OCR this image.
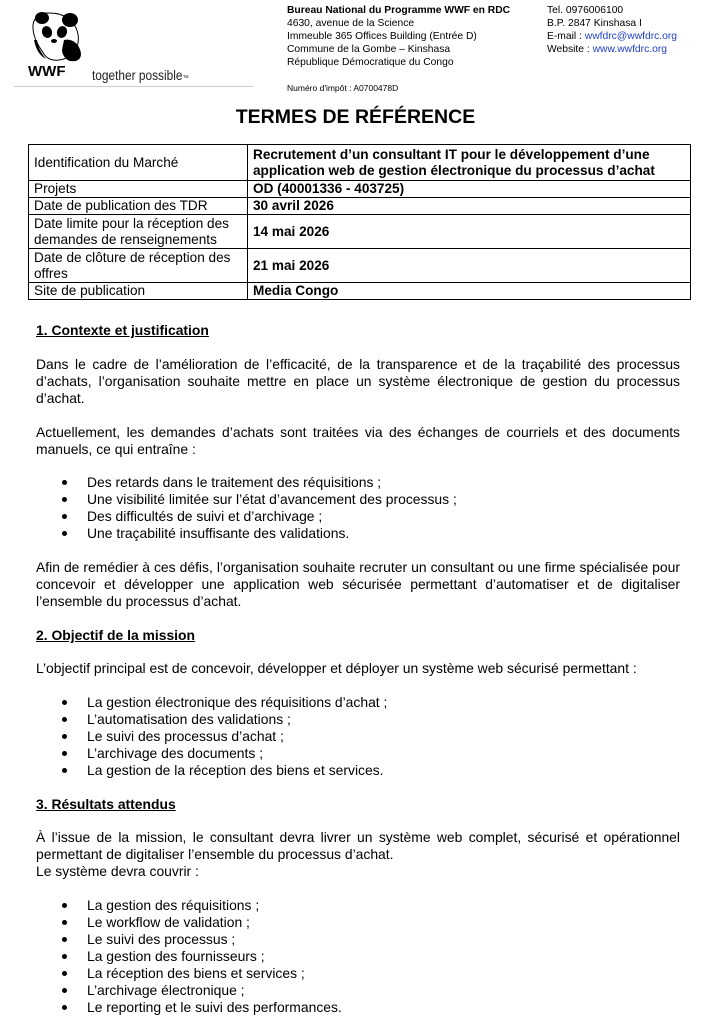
WWF together possible™
Bureau National du Programme WWF en RDC
4630, avenue de la Science
Immeuble 365 Offices Building (Entrée D)
Commune de la Gombe – Kinshasa
République Démocratique du Congo
Tel. 0976006100
B.P. 2847 Kinshasa I
E-mail : wwfdrc@wwfdrc.org
Website : www.wwfdrc.org
Numéro d'impôt : A0700478D
TERMES DE RÉFÉRENCE
Identification du Marché	Recrutement d’un consultant IT pour le développement d’une application web de gestion électronique du processus d’achat
Projets	OD (40001336 - 403725)
Date de publication des TDR	30 avril 2026
Date limite pour la réception des demandes de renseignements	14 mai 2026
Date de clôture de réception des offres	21 mai 2026
Site de publication	Media Congo
1. Contexte et justification
Dans le cadre de l’amélioration de l’efficacité, de la transparence et de la traçabilité des processus d’achats, l’organisation souhaite mettre en place un système électronique de gestion du processus d’achat.
Actuellement, les demandes d’achats sont traitées via des échanges de courriels et des documents manuels, ce qui entraîne :
Des retards dans le traitement des réquisitions ;
Une visibilité limitée sur l’état d’avancement des processus ;
Des difficultés de suivi et d’archivage ;
Une traçabilité insuffisante des validations.
Afin de remédier à ces défis, l’organisation souhaite recruter un consultant ou une firme spécialisée pour concevoir et développer une application web sécurisée permettant d’automatiser et de digitaliser l’ensemble du processus d’achat.
2. Objectif de la mission
L’objectif principal est de concevoir, développer et déployer un système web sécurisé permettant :
La gestion électronique des réquisitions d’achat ;
L’automatisation des validations ;
Le suivi des processus d’achat ;
L’archivage des documents ;
La gestion de la réception des biens et services.
3. Résultats attendus
À l’issue de la mission, le consultant devra livrer un système web complet, sécurisé et opérationnel permettant de digitaliser l’ensemble du processus d’achat.
Le système devra couvrir :
La gestion des réquisitions ;
Le workflow de validation ;
Le suivi des processus ;
La gestion des fournisseurs ;
La réception des biens et services ;
L’archivage électronique ;
Le reporting et le suivi des performances.
